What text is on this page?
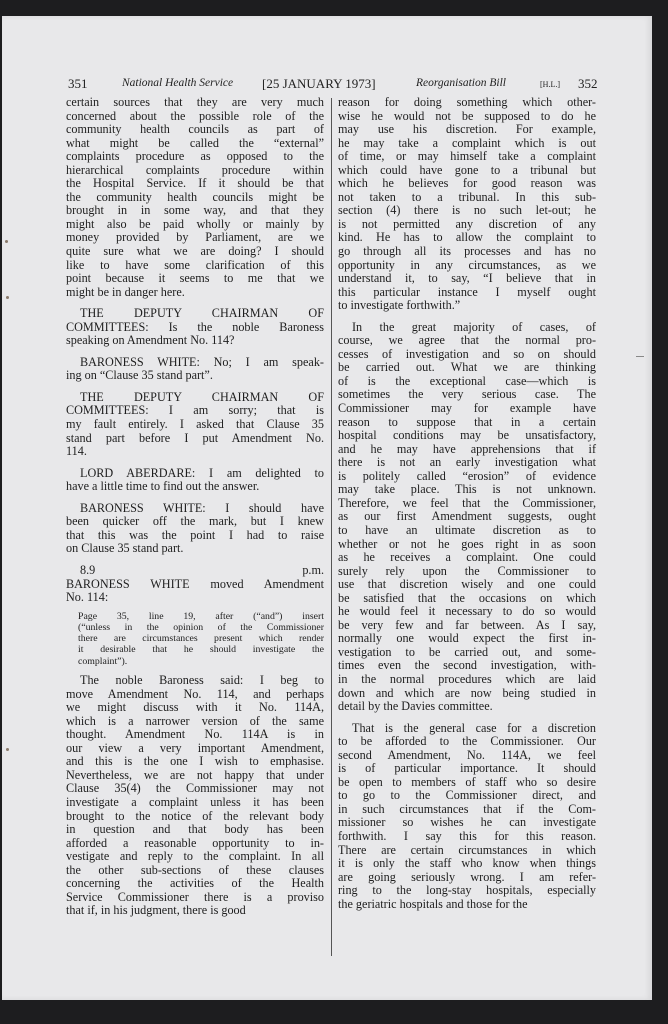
351	National Health Service [25 JANUARY 1973]	Reorganisation Bill	[H.L.] 352
certain sources that they are very much
concerned about the possible role of the
community health councils as part of
what might be called the “external”
complaints procedure as opposed to the
hierarchical complaints procedure within
the Hospital Service. If it should be that
the community health councils might be
brought in in some way, and that they
might also be paid wholly or mainly by
money provided by Parliament, are we
quite sure what we are doing? I should
like to have some clarification of this
point because it seems to me that we
might be in danger here.
THE DEPUTY CHAIRMAN OF
COMMITTEES: Is the noble Baroness
speaking on Amendment No. 114?
BARONESS WHITE: No; I am speak-
ing on “Clause 35 stand part”.
THE DEPUTY CHAIRMAN OF
COMMITTEES: I am sorry; that is
my fault entirely. I asked that Clause 35
stand part before I put Amendment No.
114.
LORD ABERDARE: I am delighted to
have a little time to find out the answer.
BARONESS WHITE: I should have
been quicker off the mark, but I knew
that this was the point I had to raise
on Clause 35 stand part.
8.9 p.m.
BARONESS WHITE moved Amendment
No. 114:
Page 35, line 19, after (“and”) insert
(“unless in the opinion of the Commissioner
there are circumstances present which render
it desirable that he should investigate the
complaint”).
The noble Baroness said: I beg to
move Amendment No. 114, and perhaps
we might discuss with it No. 114A,
which is a narrower version of the same
thought. Amendment No. 114A is in
our view a very important Amendment,
and this is the one I wish to emphasise.
Nevertheless, we are not happy that under
Clause 35(4) the Commissioner may not
investigate a complaint unless it has been
brought to the notice of the relevant body
in question and that body has been
afforded a reasonable opportunity to in-
vestigate and reply to the complaint. In all
the other sub-sections of these clauses
concerning the activities of the Health
Service Commissioner there is a proviso
that if, in his judgment, there is good
reason for doing something which other-
wise he would not be supposed to do he
may use his discretion. For example,
he may take a complaint which is out
of time, or may himself take a complaint
which could have gone to a tribunal but
which he believes for good reason was
not taken to a tribunal. In this sub-
section (4) there is no such let-out; he
is not permitted any discretion of any
kind. He has to allow the complaint to
go through all its processes and has no
opportunity in any circumstances, as we
understand it, to say, “I believe that in
this particular instance I myself ought
to investigate forthwith.”
In the great majority of cases, of
course, we agree that the normal pro-
cesses of investigation and so on should
be carried out. What we are thinking
of is the exceptional case—which is
sometimes the very serious case. The
Commissioner may for example have
reason to suppose that in a certain
hospital conditions may be unsatisfactory,
and he may have apprehensions that if
there is not an early investigation what
is politely called “erosion” of evidence
may take place. This is not unknown.
Therefore, we feel that the Commissioner,
as our first Amendment suggests, ought
to have an ultimate discretion as to
whether or not he goes right in as soon
as he receives a complaint. One could
surely rely upon the Commissioner to
use that discretion wisely and one could
be satisfied that the occasions on which
he would feel it necessary to do so would
be very few and far between. As I say,
normally one would expect the first in-
vestigation to be carried out, and some-
times even the second investigation, with-
in the normal procedures which are laid
down and which are now being studied in
detail by the Davies committee.
That is the general case for a discretion
to be afforded to the Commissioner. Our
second Amendment, No. 114A, we feel
is of particular importance. It should
be open to members of staff who so desire
to go to the Commissioner direct, and
in such circumstances that if the Com-
missioner so wishes he can investigate
forthwith. I say this for this reason.
There are certain circumstances in which
it is only the staff who know when things
are going seriously wrong. I am refer-
ring to the long-stay hospitals, especially
the geriatric hospitals and those for the
